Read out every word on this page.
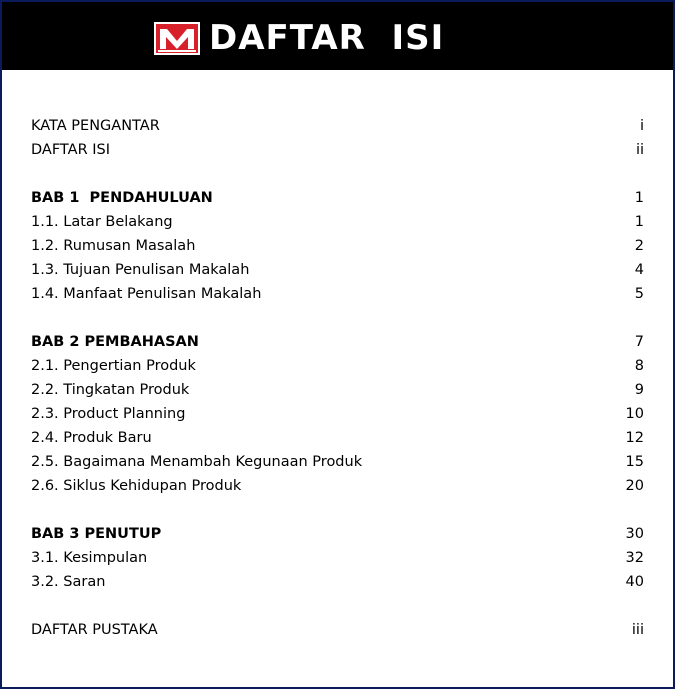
DAFTAR  ISI
KATA PENGANTAR	i
DAFTAR ISI	ii
BAB 1  PENDAHULUAN	1
1.1. Latar Belakang	1
1.2. Rumusan Masalah	2
1.3. Tujuan Penulisan Makalah	4
1.4. Manfaat Penulisan Makalah	5
BAB 2 PEMBAHASAN	7
2.1. Pengertian Produk	8
2.2. Tingkatan Produk	9
2.3. Product Planning	10
2.4. Produk Baru	12
2.5. Bagaimana Menambah Kegunaan Produk	15
2.6. Siklus Kehidupan Produk	20
BAB 3 PENUTUP	30
3.1. Kesimpulan	32
3.2. Saran	40
DAFTAR PUSTAKA	iii
